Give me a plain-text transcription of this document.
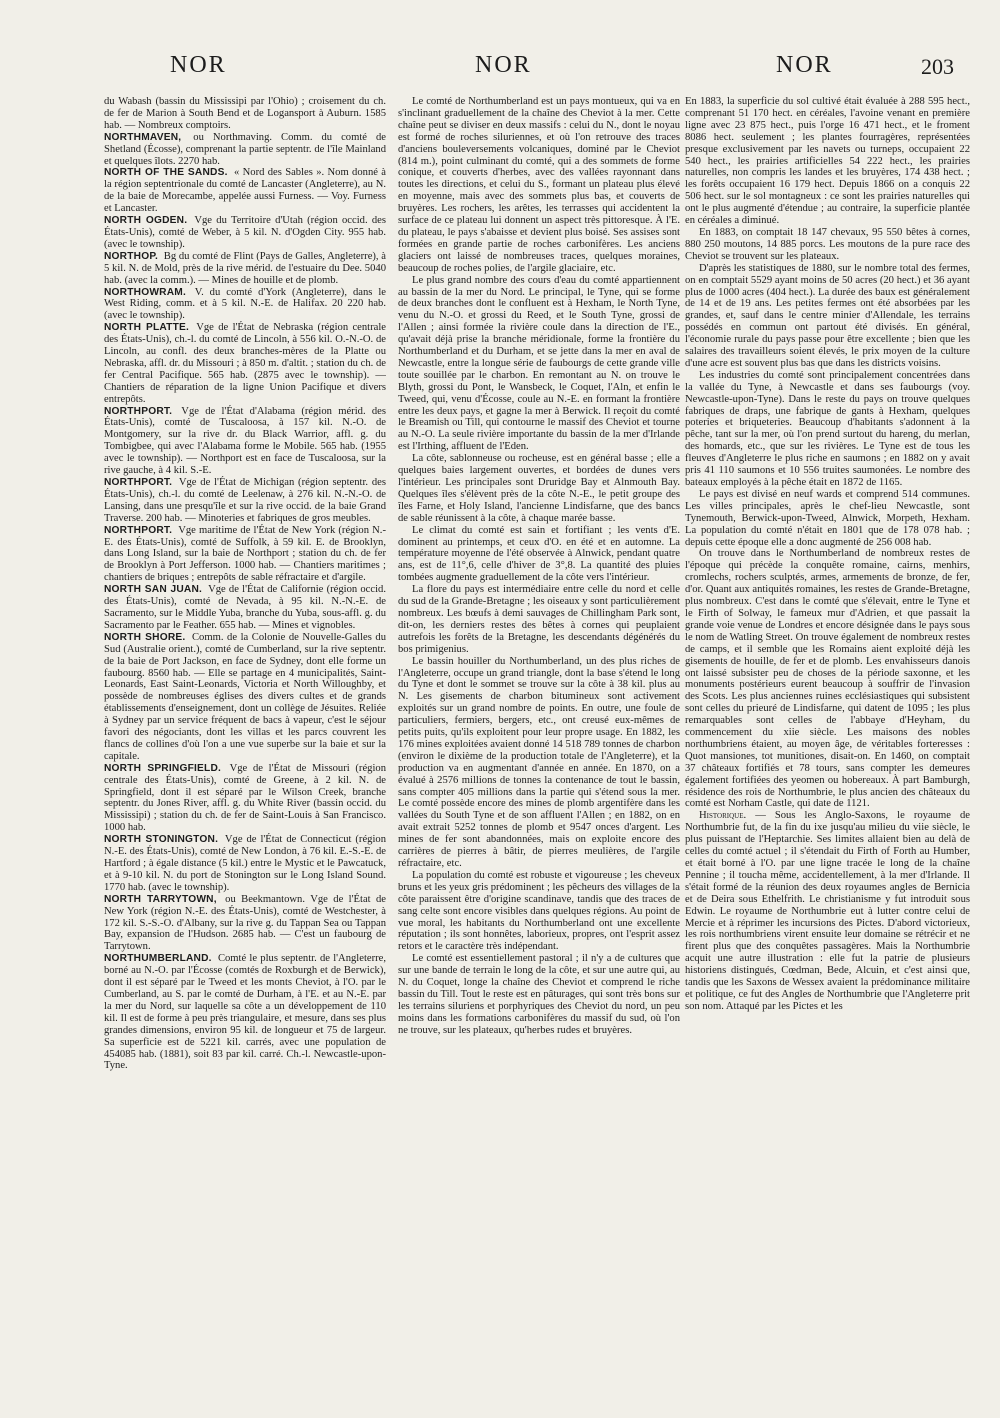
NOR	NOR	NOR	203

du Wabash (bassin du Mississipi par l'Ohio) ; croisement du ch. de fer de Marion à South Bend et de Logansport à Auburn. 1585 hab. — Nombreux comptoirs.

NORTHMAVEN, ou Northmaving. Comm. du comté de Shetland (Écosse), comprenant la partie septentr. de l'île Mainland et quelques îlots. 2270 hab.

NORTH OF THE SANDS. « Nord des Sables ». Nom donné à la région septentrionale du comté de Lancaster (Angleterre), au N. de la baie de Morecambe, appelée aussi Furness. — Voy. Furness et Lancaster.

NORTH OGDEN. Vge du Territoire d'Utah (région occid. des États-Unis), comté de Weber, à 5 kil. N. d'Ogden City. 955 hab. (avec le township).

NORTHOP. Bg du comté de Flint (Pays de Galles, Angleterre), à 5 kil. N. de Mold, près de la rive mérid. de l'estuaire du Dee. 5040 hab. (avec la comm.). — Mines de houille et de plomb.

NORTHOWRAM. V. du comté d'York (Angleterre), dans le West Riding, comm. et à 5 kil. N.-E. de Halifax. 20 220 hab. (avec le township).

NORTH PLATTE. Vge de l'État de Nebraska (région centrale des États-Unis), ch.-l. du comté de Lincoln, à 556 kil. O.-N.-O. de Lincoln, au confl. des deux branches-mères de la Platte ou Nebraska, affl. dr. du Missouri ; à 850 m. d'altit. ; station du ch. de fer Central Pacifique. 565 hab. (2875 avec le township). — Chantiers de réparation de la ligne Union Pacifique et divers entrepôts.

NORTHPORT. Vge de l'État d'Alabama (région mérid. des États-Unis), comté de Tuscaloosa, à 157 kil. N.-O. de Montgomery, sur la rive dr. du Black Warrior, affl. g. du Tombigbee, qui avec l'Alabama forme le Mobile. 565 hab. (1955 avec le township). — Northport est en face de Tuscaloosa, sur la rive gauche, à 4 kil. S.-E.

NORTHPORT. Vge de l'État de Michigan (région septentr. des États-Unis), ch.-l. du comté de Leelenaw, à 276 kil. N.-N.-O. de Lansing, dans une presqu'île et sur la rive occid. de la baie Grand Traverse. 200 hab. — Minoteries et fabriques de gros meubles.

NORTHPORT. Vge maritime de l'État de New York (région N.-E. des États-Unis), comté de Suffolk, à 59 kil. E. de Brooklyn, dans Long Island, sur la baie de Northport ; station du ch. de fer de Brooklyn à Port Jefferson. 1000 hab. — Chantiers maritimes ; chantiers de briques ; entrepôts de sable réfractaire et d'argile.

NORTH SAN JUAN. Vge de l'État de Californie (région occid. des États-Unis), comté de Nevada, à 95 kil. N.-N.-E. de Sacramento, sur le Middle Yuba, branche du Yuba, sous-affl. g. du Sacramento par le Feather. 655 hab. — Mines et vignobles.

NORTH SHORE. Comm. de la Colonie de Nouvelle-Galles du Sud (Australie orient.), comté de Cumberland, sur la rive septentr. de la baie de Port Jackson, en face de Sydney, dont elle forme un faubourg. 8560 hab. — Elle se partage en 4 municipalités, Saint-Leonards, East Saint-Leonards, Victoria et North Willoughby, et possède de nombreuses églises des divers cultes et de grands établissements d'enseignement, dont un collège de Jésuites. Reliée à Sydney par un service fréquent de bacs à vapeur, c'est le séjour favori des négociants, dont les villas et les parcs couvrent les flancs de collines d'où l'on a une vue superbe sur la baie et sur la capitale.

NORTH SPRINGFIELD. Vge de l'État de Missouri (région centrale des États-Unis), comté de Greene, à 2 kil. N. de Springfield, dont il est séparé par le Wilson Creek, branche septentr. du Jones River, affl. g. du White River (bassin occid. du Mississipi) ; station du ch. de fer de Saint-Louis à San Francisco. 1000 hab.

NORTH STONINGTON. Vge de l'État de Connecticut (région N.-E. des États-Unis), comté de New London, à 76 kil. E.-S.-E. de Hartford ; à égale distance (5 kil.) entre le Mystic et le Pawcatuck, et à 9-10 kil. N. du port de Stonington sur le Long Island Sound. 1770 hab. (avec le township).

NORTH TARRYTOWN, ou Beekmantown. Vge de l'État de New York (région N.-E. des États-Unis), comté de Westchester, à 172 kil. S.-S.-O. d'Albany, sur la rive g. du Tappan Sea ou Tappan Bay, expansion de l'Hudson. 2685 hab. — C'est un faubourg de Tarrytown.

NORTHUMBERLAND. Comté le plus septentr. de l'Angleterre, borné au N.-O. par l'Écosse (comtés de Roxburgh et de Berwick), dont il est séparé par le Tweed et les monts Cheviot, à l'O. par le Cumberland, au S. par le comté de Durham, à l'E. et au N.-E. par la mer du Nord, sur laquelle sa côte a un développement de 110 kil. Il est de forme à peu près triangulaire, et mesure, dans ses plus grandes dimensions, environ 95 kil. de longueur et 75 de largeur. Sa superficie est de 5221 kil. carrés, avec une population de 454085 hab. (1881), soit 83 par kil. carré. Ch.-l. Newcastle-upon-Tyne.

Le comté de Northumberland est un pays montueux, qui va en s'inclinant graduellement de la chaîne des Cheviot à la mer. Cette chaîne peut se diviser en deux massifs : celui du N., dont le noyau est formé de roches siluriennes, et où l'on retrouve des traces d'anciens bouleversements volcaniques, dominé par le Cheviot (814 m.), point culminant du comté, qui a des sommets de forme conique, et couverts d'herbes, avec des vallées rayonnant dans toutes les directions, et celui du S., formant un plateau plus élevé en moyenne, mais avec des sommets plus bas, et couverts de bruyères. Les rochers, les arêtes, les terrasses qui accidentent la surface de ce plateau lui donnent un aspect très pittoresque. À l'E. du plateau, le pays s'abaisse et devient plus boisé. Ses assises sont formées en grande partie de roches carbonifères. Les anciens glaciers ont laissé de nombreuses traces, quelques moraines, beaucoup de roches polies, de l'argile glaciaire, etc.

Le plus grand nombre des cours d'eau du comté appartiennent au bassin de la mer du Nord. Le principal, le Tyne, qui se forme de deux branches dont le confluent est à Hexham, le North Tyne, venu du N.-O. et grossi du Reed, et le South Tyne, grossi de l'Allen ; ainsi formée la rivière coule dans la direction de l'E., qu'avait déjà prise la branche méridionale, forme la frontière du Northumberland et du Durham, et se jette dans la mer en aval de Newcastle, entre la longue série de faubourgs de cette grande ville toute souillée par le charbon. En remontant au N. on trouve le Blyth, grossi du Pont, le Wansbeck, le Coquet, l'Aln, et enfin le Tweed, qui, venu d'Écosse, coule au N.-E. en formant la frontière entre les deux pays, et gagne la mer à Berwick. Il reçoit du comté le Breamish ou Till, qui contourne le massif des Cheviot et tourne au N.-O. La seule rivière importante du bassin de la mer d'Irlande est l'Irthing, affluent de l'Eden.

La côte, sablonneuse ou rocheuse, est en général basse ; elle a quelques baies largement ouvertes, et bordées de dunes vers l'intérieur. Les principales sont Druridge Bay et Alnmouth Bay. Quelques îles s'élèvent près de la côte N.-E., le petit groupe des îles Farne, et Holy Island, l'ancienne Lindisfarne, que des bancs de sable réunissent à la côte, à chaque marée basse.

Le climat du comté est sain et fortifiant ; les vents d'E. dominent au printemps, et ceux d'O. en été et en automne. La température moyenne de l'été observée à Alnwick, pendant quatre ans, est de 11°,6, celle d'hiver de 3°,8. La quantité des pluies tombées augmente graduellement de la côte vers l'intérieur.

La flore du pays est intermédiaire entre celle du nord et celle du sud de la Grande-Bretagne ; les oiseaux y sont particulièrement nombreux. Les bœufs à demi sauvages de Chillingham Park sont, dit-on, les derniers restes des bêtes à cornes qui peuplaient autrefois les forêts de la Bretagne, les descendants dégénérés du bos primigenius.

Le bassin houiller du Northumberland, un des plus riches de l'Angleterre, occupe un grand triangle, dont la base s'étend le long du Tyne et dont le sommet se trouve sur la côte à 38 kil. plus au N. Les gisements de charbon bitumineux sont activement exploités sur un grand nombre de points. En outre, une foule de particuliers, fermiers, bergers, etc., ont creusé eux-mêmes de petits puits, qu'ils exploitent pour leur propre usage. En 1882, les 176 mines exploitées avaient donné 14 518 789 tonnes de charbon (environ le dixième de la production totale de l'Angleterre), et la production va en augmentant d'année en année. En 1870, on a évalué à 2576 millions de tonnes la contenance de tout le bassin, sans compter 405 millions dans la partie qui s'étend sous la mer. Le comté possède encore des mines de plomb argentifère dans les vallées du South Tyne et de son affluent l'Allen ; en 1882, on en avait extrait 5252 tonnes de plomb et 9547 onces d'argent. Les mines de fer sont abandonnées, mais on exploite encore des carrières de pierres à bâtir, de pierres meulières, de l'argile réfractaire, etc.

La population du comté est robuste et vigoureuse ; les cheveux bruns et les yeux gris prédominent ; les pêcheurs des villages de la côte paraissent être d'origine scandinave, tandis que des traces de sang celte sont encore visibles dans quelques régions. Au point de vue moral, les habitants du Northumberland ont une excellente réputation ; ils sont honnêtes, laborieux, propres, ont l'esprit assez retors et le caractère très indépendant.

Le comté est essentiellement pastoral ; il n'y a de cultures que sur une bande de terrain le long de la côte, et sur une autre qui, au N. du Coquet, longe la chaîne des Cheviot et comprend le riche bassin du Till. Tout le reste est en pâturages, qui sont très bons sur les terrains siluriens et porphyriques des Cheviot du nord, un peu moins dans les formations carbonifères du massif du sud, où l'on ne trouve, sur les plateaux, qu'herbes rudes et bruyères.

En 1883, la superficie du sol cultivé était évaluée à 288 595 hect., comprenant 51 170 hect. en céréales, l'avoine venant en première ligne avec 23 875 hect., puis l'orge 16 471 hect., et le froment 8086 hect. seulement ; les plantes fourragères, représentées presque exclusivement par les navets ou turneps, occupaient 22 540 hect., les prairies artificielles 54 222 hect., les prairies naturelles, non compris les landes et les bruyères, 174 438 hect. ; les forêts occupaient 16 179 hect. Depuis 1866 on a conquis 22 506 hect. sur le sol montagneux : ce sont les prairies naturelles qui ont le plus augmenté d'étendue ; au contraire, la superficie plantée en céréales a diminué.

En 1883, on comptait 18 147 chevaux, 95 550 bêtes à cornes, 880 250 moutons, 14 885 porcs. Les moutons de la pure race des Cheviot se trouvent sur les plateaux.

D'après les statistiques de 1880, sur le nombre total des fermes, on en comptait 5529 ayant moins de 50 acres (20 hect.) et 36 ayant plus de 1000 acres (404 hect.). La durée des baux est généralement de 14 et de 19 ans. Les petites fermes ont été absorbées par les grandes, et, sauf dans le centre minier d'Allendale, les terrains possédés en commun ont partout été divisés. En général, l'économie rurale du pays passe pour être excellente ; bien que les salaires des travailleurs soient élevés, le prix moyen de la culture d'une acre est souvent plus bas que dans les districts voisins.

Les industries du comté sont principalement concentrées dans la vallée du Tyne, à Newcastle et dans ses faubourgs (voy. Newcastle-upon-Tyne). Dans le reste du pays on trouve quelques fabriques de draps, une fabrique de gants à Hexham, quelques poteries et briqueteries. Beaucoup d'habitants s'adonnent à la pêche, tant sur la mer, où l'on prend surtout du hareng, du merlan, des homards, etc., que sur les rivières. Le Tyne est de tous les fleuves d'Angleterre le plus riche en saumons ; en 1882 on y avait pris 41 110 saumons et 10 556 truites saumonées. Le nombre des bateaux employés à la pêche était en 1872 de 1165.

Le pays est divisé en neuf wards et comprend 514 communes. Les villes principales, après le chef-lieu Newcastle, sont Tynemouth, Berwick-upon-Tweed, Alnwick, Morpeth, Hexham. La population du comté n'était en 1801 que de 178 078 hab. ; depuis cette époque elle a donc augmenté de 256 008 hab.

On trouve dans le Northumberland de nombreux restes de l'époque qui précède la conquête romaine, cairns, menhirs, cromlechs, rochers sculptés, armes, armements de bronze, de fer, d'or. Quant aux antiquités romaines, les restes de Grande-Bretagne, plus nombreux. C'est dans le comté que s'élevait, entre le Tyne et le Firth of Solway, le fameux mur d'Adrien, et que passait la grande voie venue de Londres et encore désignée dans le pays sous le nom de Watling Street. On trouve également de nombreux restes de camps, et il semble que les Romains aient exploité déjà les gisements de houille, de fer et de plomb. Les envahisseurs danois ont laissé subsister peu de choses de la période saxonne, et les monuments postérieurs eurent beaucoup à souffrir de l'invasion des Scots. Les plus anciennes ruines ecclésiastiques qui subsistent sont celles du prieuré de Lindisfarne, qui datent de 1095 ; les plus remarquables sont celles de l'abbaye d'Heyham, du commencement du xiie siècle. Les maisons des nobles northumbriens étaient, au moyen âge, de véritables forteresses : Quot mansiones, tot munitiones, disait-on. En 1460, on comptait 37 châteaux fortifiés et 78 tours, sans compter les demeures également fortifiées des yeomen ou hobereaux. À part Bamburgh, résidence des rois de Northumbrie, le plus ancien des châteaux du comté est Norham Castle, qui date de 1121.

Historique. — Sous les Anglo-Saxons, le royaume de Northumbrie fut, de la fin du ixe jusqu'au milieu du viie siècle, le plus puissant de l'Heptarchie. Ses limites allaient bien au delà de celles du comté actuel ; il s'étendait du Firth of Forth au Humber, et était borné à l'O. par une ligne tracée le long de la chaîne Pennine ; il toucha même, accidentellement, à la mer d'Irlande. Il s'était formé de la réunion des deux royaumes angles de Bernicia et de Deira sous Ethelfrith. Le christianisme y fut introduit sous Edwin. Le royaume de Northumbrie eut à lutter contre celui de Mercie et à réprimer les incursions des Pictes. D'abord victorieux, les rois northumbriens virent ensuite leur domaine se rétrécir et ne firent plus que des conquêtes passagères. Mais la Northumbrie acquit une autre illustration : elle fut la patrie de plusieurs historiens distingués, Cœdman, Bede, Alcuin, et c'est ainsi que, tandis que les Saxons de Wessex avaient la prédominance militaire et politique, ce fut des Angles de Northumbrie que l'Angleterre prit son nom. Attaqué par les Pictes et les
